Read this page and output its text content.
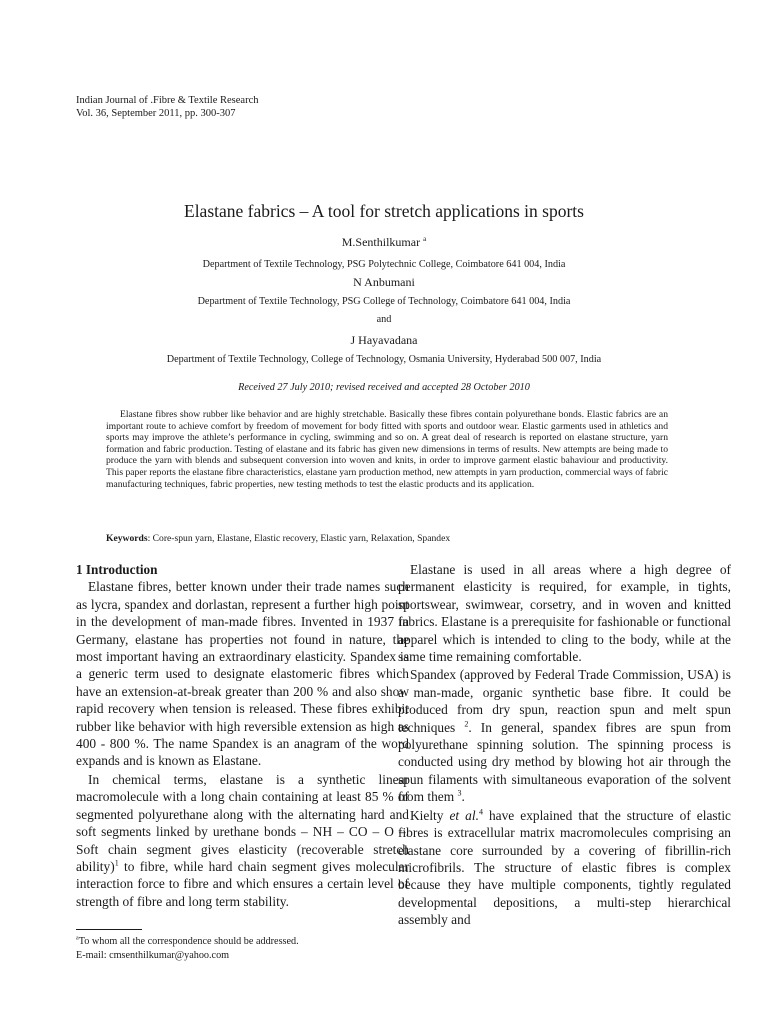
Indian Journal of .Fibre & Textile Research
Vol. 36, September 2011, pp. 300-307
Elastane fabrics – A tool for stretch applications in sports
M.Senthilkumar $^a$
Department of Textile Technology, PSG Polytechnic College, Coimbatore 641 004, India
N Anbumani
Department of Textile Technology, PSG College of Technology, Coimbatore 641 004, India
and
J Hayavadana
Department of Textile Technology, College of Technology, Osmania University, Hyderabad 500 007, India
Received 27 July 2010; revised received and accepted 28 October 2010
Elastane fibres show rubber like behavior and are highly stretchable. Basically these fibres contain polyurethane bonds. Elastic fabrics are an important route to achieve comfort by freedom of movement for body fitted with sports and outdoor wear. Elastic garments used in athletics and sports may improve the athlete’s performance in cycling, swimming and so on. A great deal of research is reported on elastane structure, yarn formation and fabric production. Testing of elastane and its fabric has given new dimensions in terms of results. New attempts are being made to produce the yarn with blends and subsequent conversion into woven and knits, in order to improve garment elastic bahaviour and productivity. This paper reports the elastane fibre characteristics, elastane yarn production method, new attempts in yarn production, commercial ways of fabric manufacturing techniques, fabric properties, new testing methods to test the elastic products and its application.
Keywords: Core-spun yarn, Elastane, Elastic recovery, Elastic yarn, Relaxation, Spandex
1 Introduction

Elastane fibres, better known under their trade names such as lycra, spandex and dorlastan, represent a further high point in the development of man-made fibres. Invented in 1937 in Germany, elastane has properties not found in nature, the most important having an extraordinary elasticity. Spandex is a generic term used to designate elastomeric fibres which have an extension-at-break greater than 200 % and also show rapid recovery when tension is released. These fibres exhibit rubber like behavior with high reversible extension as high as 400 - 800 %. The name Spandex is an anagram of the word expands and is known as Elastane.

In chemical terms, elastane is a synthetic linear macromolecule with a long chain containing at least 85 % of segmented polyurethane along with the alternating hard and soft segments linked by urethane bonds – NH – CO – O –. Soft chain segment gives elasticity (recoverable stretch ability)$^1$ to fibre, while hard chain segment gives molecular interaction force to fibre and which ensures a certain level of strength of fibre and long term stability.

Elastane is used in all areas where a high degree of permanent elasticity is required, for example, in tights, sportswear, swimwear, corsetry, and in woven and knitted fabrics. Elastane is a prerequisite for fashionable or functional apparel which is intended to cling to the body, while at the same time remaining comfortable.

Spandex (approved by Federal Trade Commission, USA) is a man-made, organic synthetic base fibre. It could be produced from dry spun, reaction spun and melt spun techniques $^2$. In general, spandex fibres are spun from polyurethane spinning solution. The spinning process is conducted using dry method by blowing hot air through the spun filaments with simultaneous evaporation of the solvent from them $^3$.

Kielty et al.$^4$ have explained that the structure of elastic fibres is extracellular matrix macromolecules comprising an elastane core surrounded by a covering of fibrillin-rich microfibrils. The structure of elastic fibres is complex because they have multiple components, tightly regulated developmental depositions, a multi-step hierarchical assembly and

$^a$To whom all the correspondence should be addressed.
E-mail: cmsenthilkumar@yahoo.com
